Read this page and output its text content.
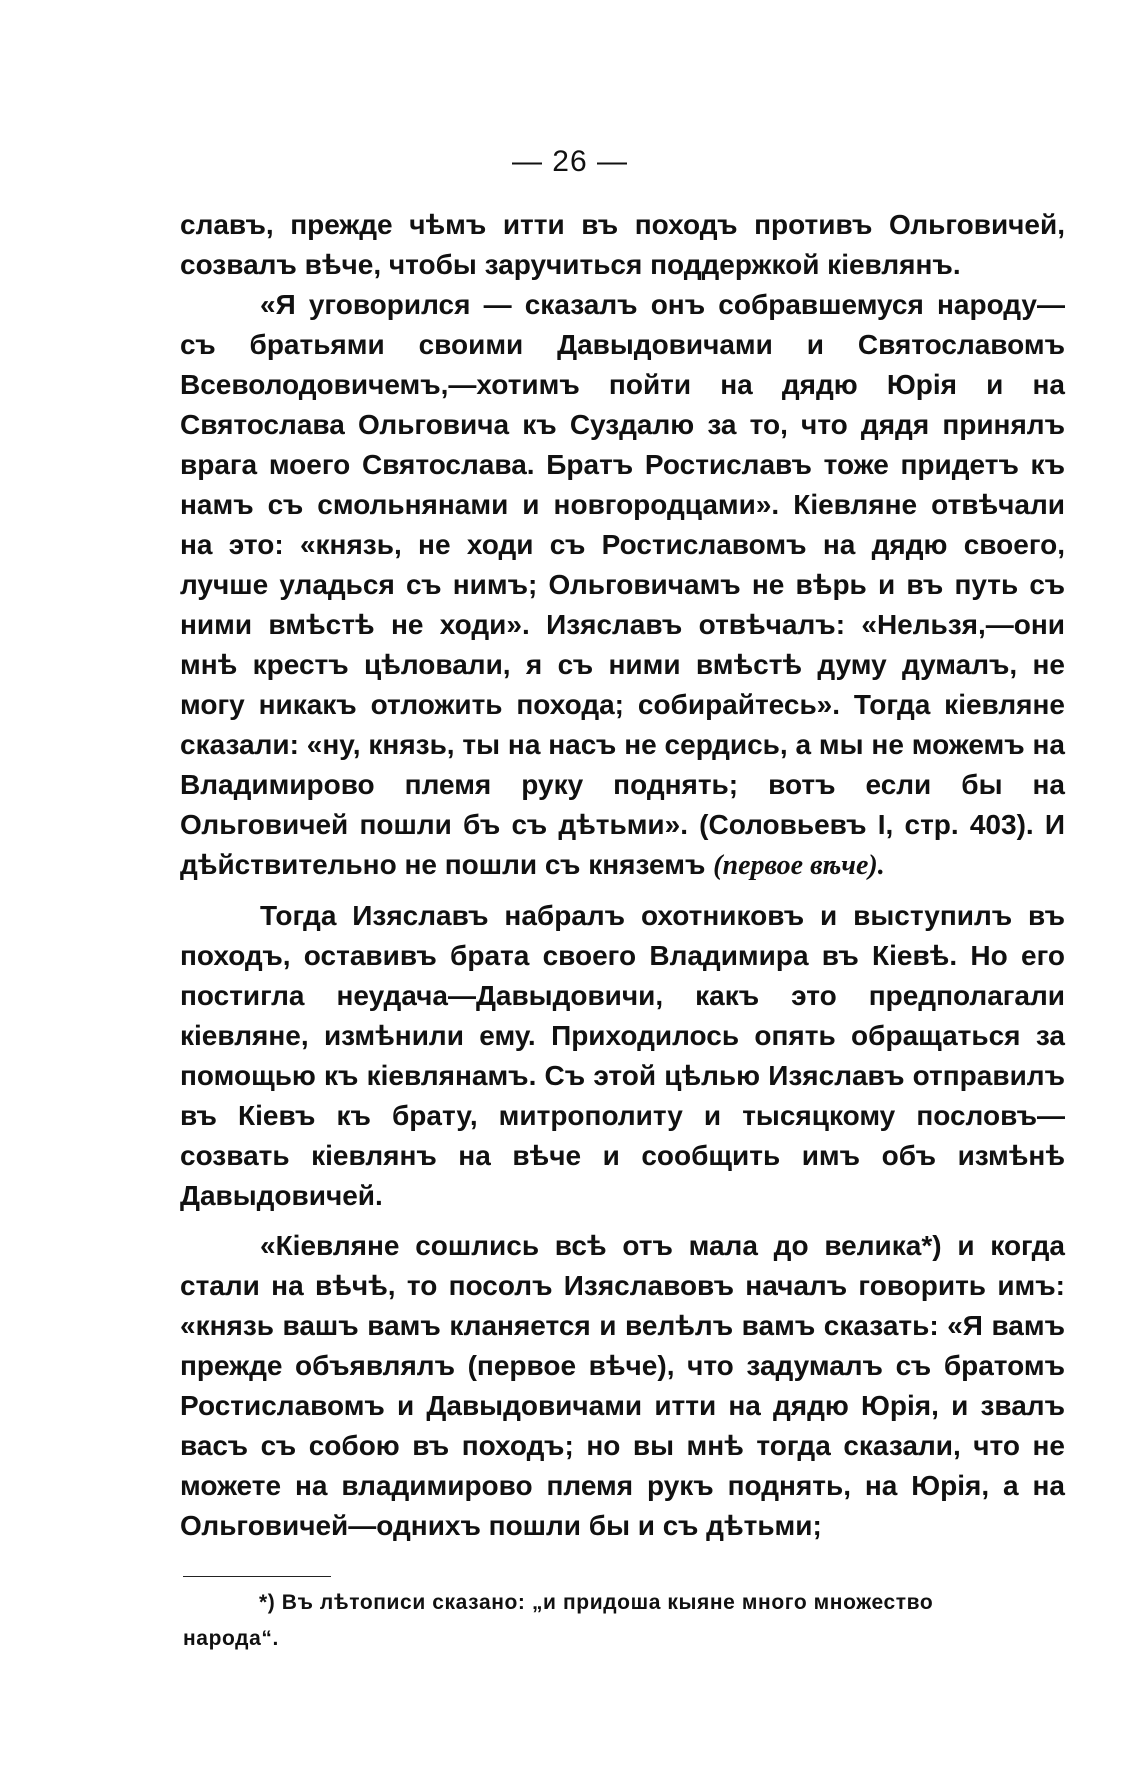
— 26 —

славъ, прежде чѣмъ итти въ походъ противъ Ольговичей, созвалъ вѣче, чтобы заручиться поддержкой кіевлянъ.

«Я уговорился — сказалъ онъ собравшемуся народу—съ братьями своими Давыдовичами и Святославомъ Всеволодовичемъ,—хотимъ пойти на дядю Юрія и на Святослава Ольговича къ Суздалю за то, что дядя принялъ врага моего Святослава. Братъ Ростиславъ тоже придетъ къ намъ съ смольнянами и новгородцами». Кіевляне отвѣчали на это: «князь, не ходи съ Ростиславомъ на дядю своего, лучше уладься съ нимъ; Ольговичамъ не вѣрь и въ путь съ ними вмѣстѣ не ходи». Изяславъ отвѣчалъ: «Нельзя,—они мнѣ крестъ цѣловали, я съ ними вмѣстѣ думу думалъ, не могу никакъ отложить похода; собирайтесь». Тогда кіевляне сказали: «ну, князь, ты на насъ не сердись, а мы не можемъ на Владимирово племя руку поднять; вотъ если бы на Ольговичей пошли бъ съ дѣтьми». (Соловьевъ I, стр. 403). И дѣйствительно не пошли съ княземъ (первое вѣче).

Тогда Изяславъ набралъ охотниковъ и выступилъ въ походъ, оставивъ брата своего Владимира въ Кіевѣ. Но его постигла неудача—Давыдовичи, какъ это предполагали кіевляне, измѣнили ему. Приходилось опять обращаться за помощью къ кіевлянамъ. Съ этой цѣлью Изяславъ отправилъ въ Кіевъ къ брату, митрополиту и тысяцкому пословъ—созвать кіевлянъ на вѣче и сообщить имъ объ измѣнѣ Давыдовичей.

«Кіевляне сошлись всѣ отъ мала до велика*) и когда стали на вѣчѣ, то посолъ Изяславовъ началъ говорить имъ: «князь вашъ вамъ кланяется и велѣлъ вамъ сказать: «Я вамъ прежде объявлялъ (первое вѣче), что задумалъ съ братомъ Ростиславомъ и Давыдовичами итти на дядю Юрія, и звалъ васъ съ собою въ походъ; но вы мнѣ тогда сказали, что не можете на владимирово племя рукъ поднять, на Юрія, а на Ольговичей—однихъ пошли бы и съ дѣтьми;

*) Въ лѣтописи сказано: „и придоша кыяне много множество

народа“.
